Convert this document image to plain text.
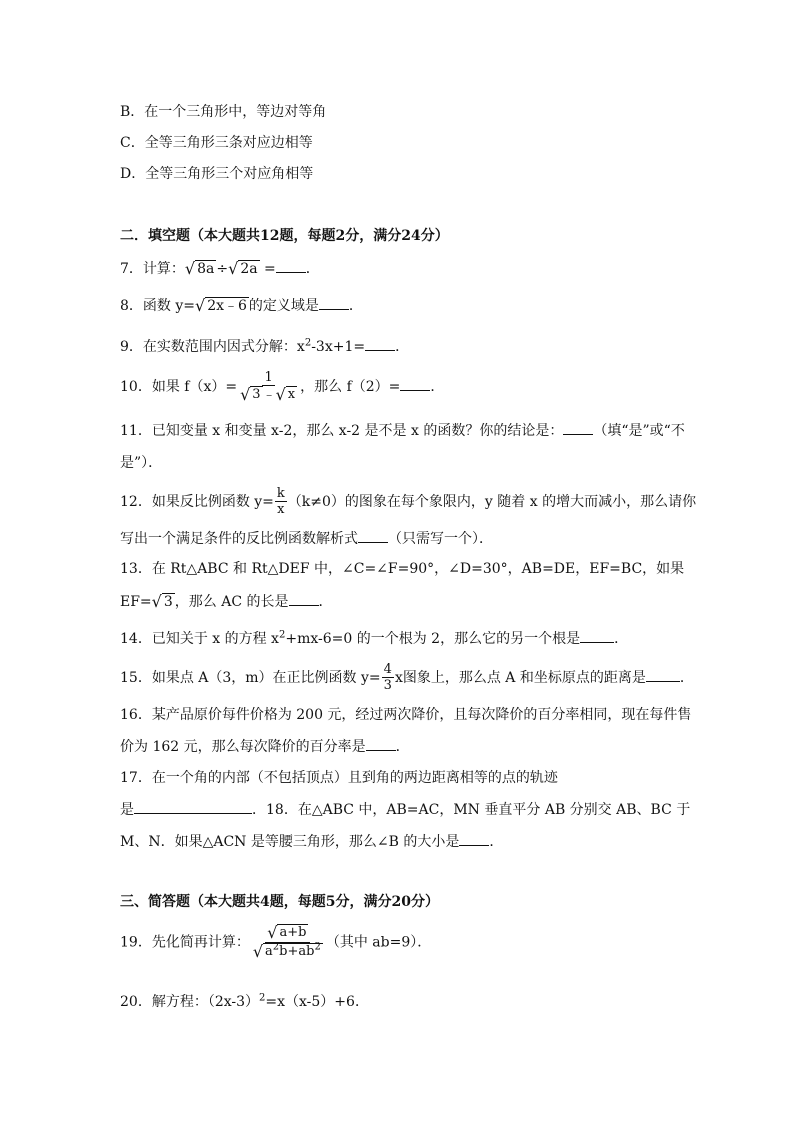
B．在一个三角形中，等边对等角
C．全等三角形三条对应边相等
D．全等三角形三个对应角相等
二．填空题（本大题共12题，每题2分，满分24分）
7．计算： √ 8a ÷ √ 2a = ．
8．函数 y= √ 2x﹣6 的定义域是 ．
9．在实数范围内因式分解：$x^2-3x+1=$ ．
10．如果 $f(x)= \frac{1}{√ 3 ﹣ √ x}$ ，那么 f（2）= ．
11．已知变量 x 和变量 x-2，那么 x-2 是不是 x 的函数？你的结论是： （填“是”或“不
是”）．
12．如果反比例函数 $y= \frac{k}{x} (k\ne 0)$的图象在每个象限内，y 随着 x 的增大而减小，那么请你
写出一个满足条件的反比例函数解析式 （只需写一个）．
13．在 Rt△ABC 和 Rt△DEF 中，∠C=∠F=90°，∠D=30°，AB=DE，EF=BC，如果
EF= √ 3 ，那么 AC 的长是 ．
14．已知关于 x 的方程 $x^2+mx-6=0$ 的一个根为 2，那么它的另一个根是 ．
15．如果点 A（3，m）在正比例函数 $y= \frac{4}{3}$ x图象上，那么点 A 和坐标原点的距离是 ．
16．某产品原价每件价格为 200 元，经过两次降价，且每次降价的百分率相同，现在每件售
价为 162 元，那么每次降价的百分率是 ．
17．在一个角的内部（不包括顶点）且到角的两边距离相等的点的轨迹
是	．18．在△ABC 中，AB=AC，MN 垂直平分 AB 分别交 AB、BC 于
M、N．如果△ACN 是等腰三角形，那么∠B 的大小是 ．
三、简答题（本大题共4题，每题5分，满分20分）
19．先化简再计算： $\frac{√ a+b}{√ a^2b+ab^2}$ （其中 ab=9）．
20．解方程：$(2x-3)^2=x(x-5)+6$．
